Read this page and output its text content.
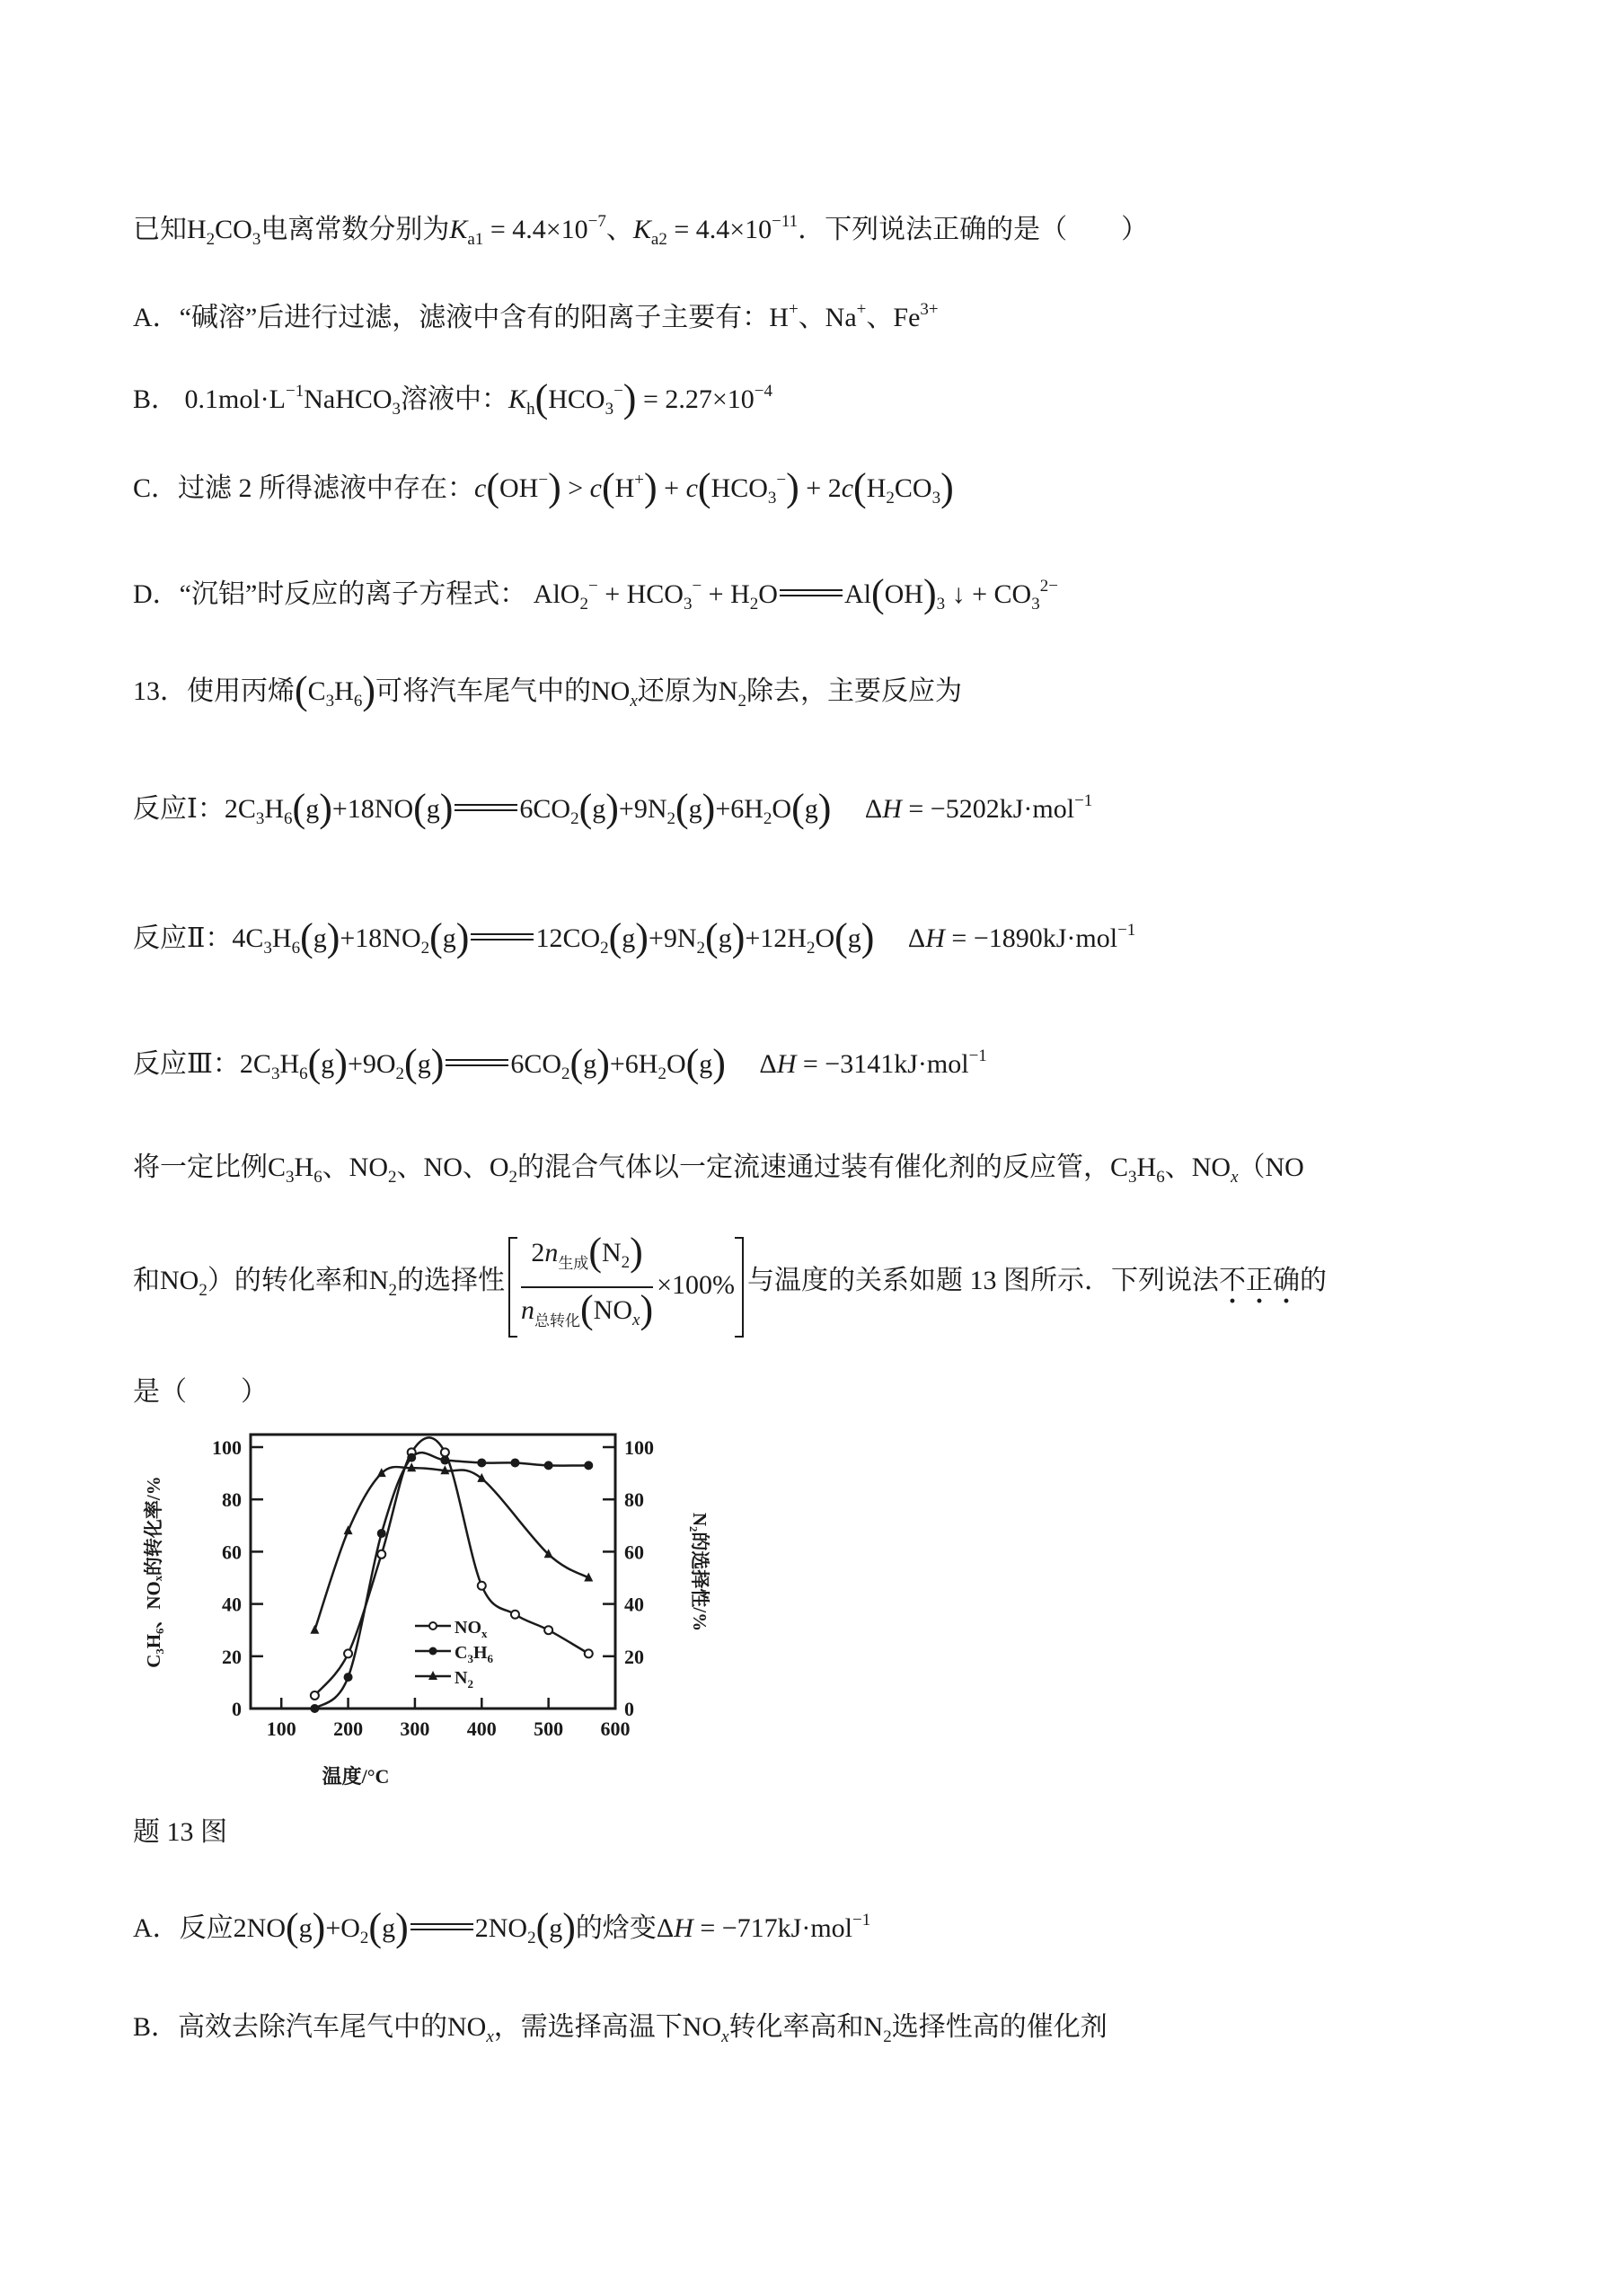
已知$H_2CO_3$电离常数分别为$K_{a1} = 4.4\times 10^{-7}$、$K_{a2} = 4.4\times 10^{-11}$．下列说法正确的是（　　）
A．“碱溶”后进行过滤，滤液中含有的阳离子主要有：H+、Na+、$Fe^{3+}$
B． $0.1mol\cdot L^{-1}NaHCO_3$溶液中：$K_h(HCO_3^-) = 2.27\times 10^{-4}$
C．过滤 2 所得滤液中存在：$c(OH^-) > c(H^+) + c(HCO_3^-) + 2c(H_2CO_3)$
D．“沉铝”时反应的离子方程式： $AlO_2^- + HCO_3^- + H_2O$ $Al(OH)_3$ ↓ + $CO_3^{2-}$
13．使用丙烯$(C_3H_6)$可将汽车尾气中的$NO_x$还原为$N_2$除去，主要反应为
反应Ⅰ：$2C_3H_6(g)+18NO(g)$ $6CO_2(g)+9N_2(g)+6H_2O(g)$　 ΔH = −5202kJ·mol$^{-1}$
反应Ⅱ：$4C_3H_6(g)+18NO_2(g)$ $12CO_2(g)+9N_2(g)+12H_2O(g)$　 ΔH = −1890kJ·mol$^{-1}$
反应Ⅲ：$2C_3H_6(g)+9O_2(g)$ $6CO_2(g)+6H_2O(g)$　 ΔH = −3141kJ·mol$^{-1}$
将一定比例$C_3H_6$、$NO_2$、NO、$O_2$的混合气体以一定流速通过装有催化剂的反应管，$C_3H_6$、$NO_x(NO$
A．反应$2NO(g)+O_2(g)$ $2NO_2(g)$的焓变ΔH = −717kJ·mol$^{-1}$
B．高效去除汽车尾气中的$NO_x$，需选择高温下$NO_x$转化率高和$N_2$选择性高的催化剂
和$NO_2$）的转化率和$N_2$的选择性 $\frac{2n_{生成}(N_2)}{n_{总转化}(NO_x)} \times 100\%$ 与温度的关系如题 13 图所示．下列说法不正确的
是（　　）
100 200 300 400 500 600
0
20
40
60
80
100
0
20
40
60
80
100
$NO_x$
$C_3H_6$
$N_2$
温度/°C
C₃H₆、NOₓ的转化率/%	N₂的选择性/%
题 13 图
